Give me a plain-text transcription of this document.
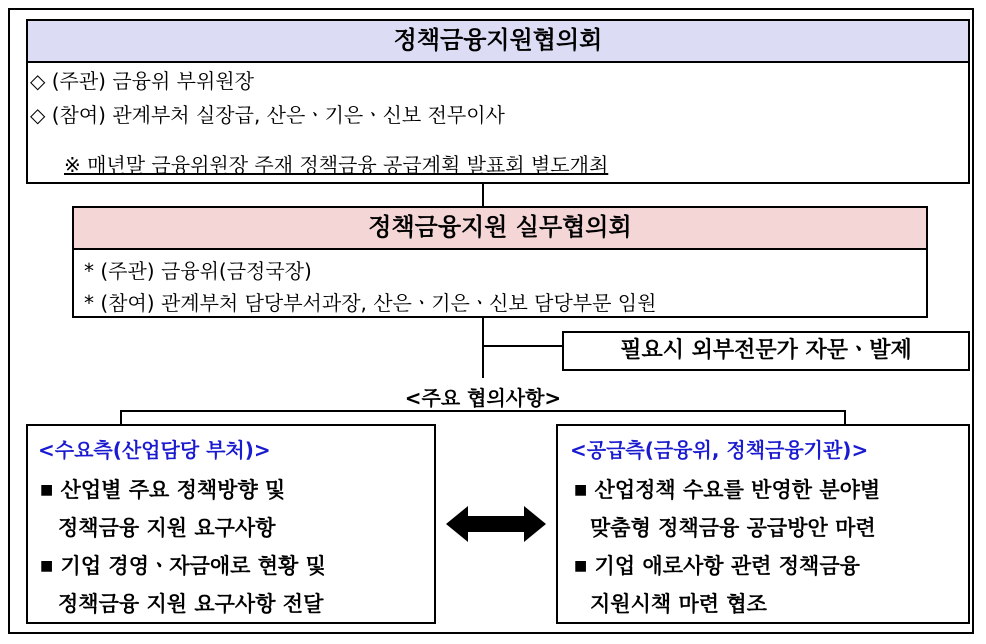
정책금융지원협의회
◇ (주관) 금융위 부위원장
◇ (참여) 관계부처 실장급, 산은ㆍ기은ㆍ신보 전무이사
※ 매년말 금융위원장 주재 정책금융 공급계획 발표회 별도개최
정책금융지원 실무협의회
* (주관) 금융위(금정국장)
* (참여) 관계부처 담당부서과장, 산은ㆍ기은ㆍ신보 담당부문 임원
필요시 외부전문가 자문ㆍ발제
<주요 협의사항>
<수요측(산업담당 부처)>
■ 산업별 주요 정책방향 및
정책금융 지원 요구사항
■ 기업 경영ㆍ자금애로 현황 및
정책금융 지원 요구사항 전달
<공급측(금융위, 정책금융기관)>
■ 산업정책 수요를 반영한 분야별
맞춤형 정책금융 공급방안 마련
■ 기업 애로사항 관련 정책금융
지원시책 마련 협조
